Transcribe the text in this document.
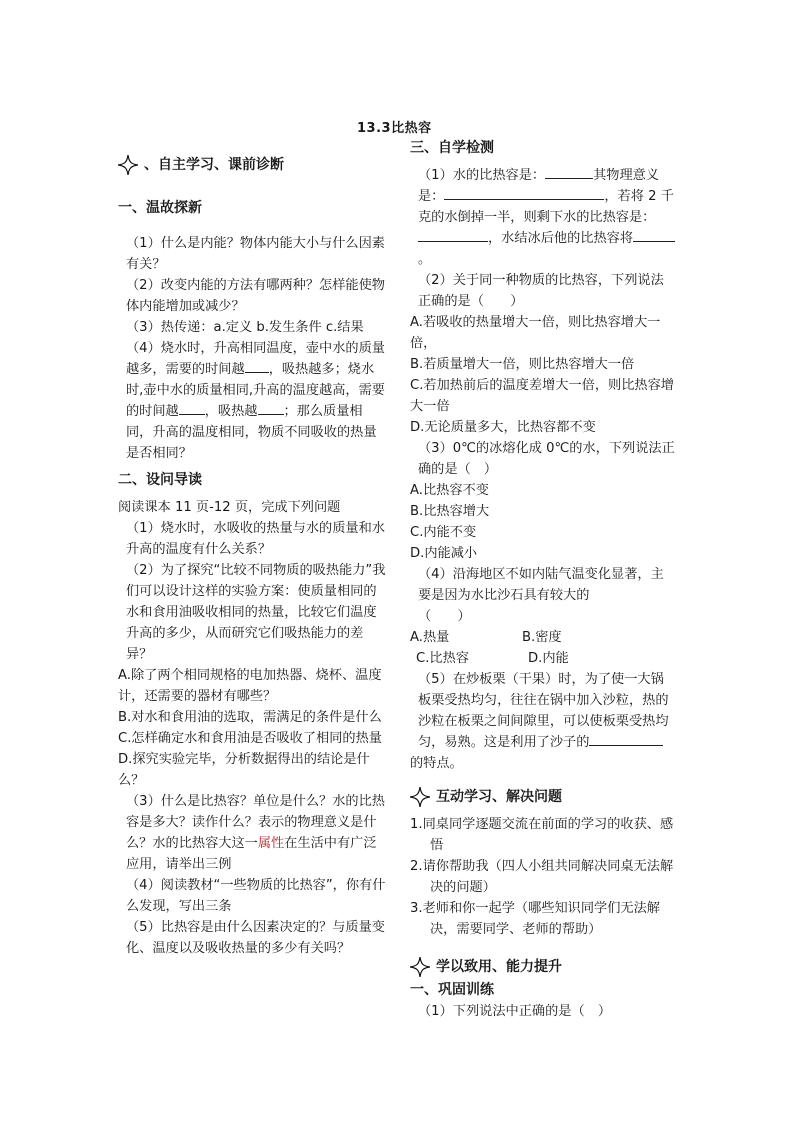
13.3比热容
、自主学习、课前诊断

一、温故探新

（1）什么是内能？物体内能大小与什么因素有关？

（2）改变内能的方法有哪两种？怎样能使物体内能增加或减少？

（3）热传递：a.定义 b.发生条件 c.结果

（4）烧水时，升高相同温度，壶中水的质量越多，需要的时间越 ，吸热越多；烧水时,壶中水的质量相同,升高的温度越高，需要的时间越 ，吸热越 ；那么质量相同，升高的温度相同，物质不同吸收的热量是否相同？

二、设问导读

阅读课本 11 页-12 页，完成下列问题

（1）烧水时，水吸收的热量与水的质量和水升高的温度有什么关系？

（2）为了探究“比较不同物质的吸热能力”我们可以设计这样的实验方案：使质量相同的水和食用油吸收相同的热量，比较它们温度升高的多少，从而研究它们吸热能力的差异？

A.除了两个相同规格的电加热器、烧杯、温度计，还需要的器材有哪些？

B.对水和食用油的选取，需满足的条件是什么

C.怎样确定水和食用油是否吸收了相同的热量

D.探究实验完毕，分析数据得出的结论是什么？

（3）什么是比热容？单位是什么？水的比热容是多大？读作什么？表示的物理意义是什么？水的比热容大这一属性在生活中有广泛应用，请举出三例

（4）阅读教材“一些物质的比热容”，你有什么发现，写出三条

（5）比热容是由什么因素决定的？与质量变化、温度以及吸收热量的多少有关吗？

三、自学检测

（1）水的比热容是：	其物理意义是：	，若将 2 千克的水倒掉一半，则剩下水的比热容是：，水结冰后他的比热容将。

（2）关于同一种物质的比热容，下列说法正确的是（　　）

A.若吸收的热量增大一倍，则比热容增大一倍，

B.若质量增大一倍，则比热容增大一倍

C.若加热前后的温度差增大一倍，则比热容增大一倍

D.无论质量多大，比热容都不变

（3）0℃的冰熔化成 0℃的水，下列说法正确的是（　）

A.比热容不变

B.比热容增大

C.内能不变

D.内能减小

（4）沿海地区不如内陆气温变化显著，主要是因为水比沙石具有较大的

（　　）

A.热量	B.密度
C.比热容	D.内能

（5）在炒板栗（干果）时，为了使一大锅板栗受热均匀，往往在锅中加入沙粒，热的沙粒在板栗之间间隙里，可以使板栗受热均匀，易熟。这是利用了沙子的

的特点。

互动学习、解决问题

1.同桌同学逐题交流在前面的学习的收获、感悟

2.请你帮助我（四人小组共同解决同桌无法解决的问题）

3.老师和你一起学（哪些知识同学们无法解决，需要同学、老师的帮助）

学以致用、能力提升

一、巩固训练

（1）下列说法中正确的是（　）
